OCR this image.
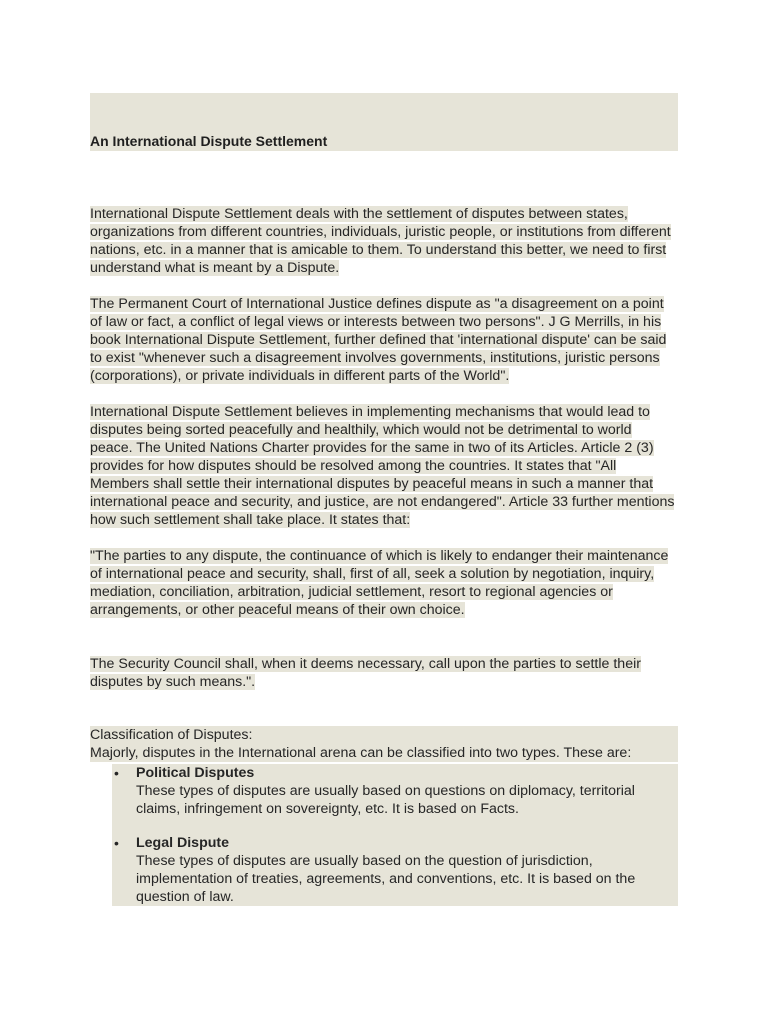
An International Dispute Settlement

International Dispute Settlement deals with the settlement of disputes between states, organizations from different countries, individuals, juristic people, or institutions from different nations, etc. in a manner that is amicable to them. To understand this better, we need to first understand what is meant by a Dispute.

The Permanent Court of International Justice defines dispute as "a disagreement on a point of law or fact, a conflict of legal views or interests between two persons". J G Merrills, in his book International Dispute Settlement, further defined that 'international dispute' can be said to exist "whenever such a disagreement involves governments, institutions, juristic persons (corporations), or private individuals in different parts of the World".

International Dispute Settlement believes in implementing mechanisms that would lead to disputes being sorted peacefully and healthily, which would not be detrimental to world peace. The United Nations Charter provides for the same in two of its Articles. Article 2 (3) provides for how disputes should be resolved among the countries. It states that "All Members shall settle their international disputes by peaceful means in such a manner that international peace and security, and justice, are not endangered". Article 33 further mentions how such settlement shall take place. It states that:

"The parties to any dispute, the continuance of which is likely to endanger their maintenance of international peace and security, shall, first of all, seek a solution by negotiation, inquiry, mediation, conciliation, arbitration, judicial settlement, resort to regional agencies or arrangements, or other peaceful means of their own choice.

The Security Council shall, when it deems necessary, call upon the parties to settle their disputes by such means.".

Classification of Disputes:
Majorly, disputes in the International arena can be classified into two types. These are:
• Political Disputes
These types of disputes are usually based on questions on diplomacy, territorial claims, infringement on sovereignty, etc. It is based on Facts.
• Legal Dispute
These types of disputes are usually based on the question of jurisdiction, implementation of treaties, agreements, and conventions, etc. It is based on the question of law.
